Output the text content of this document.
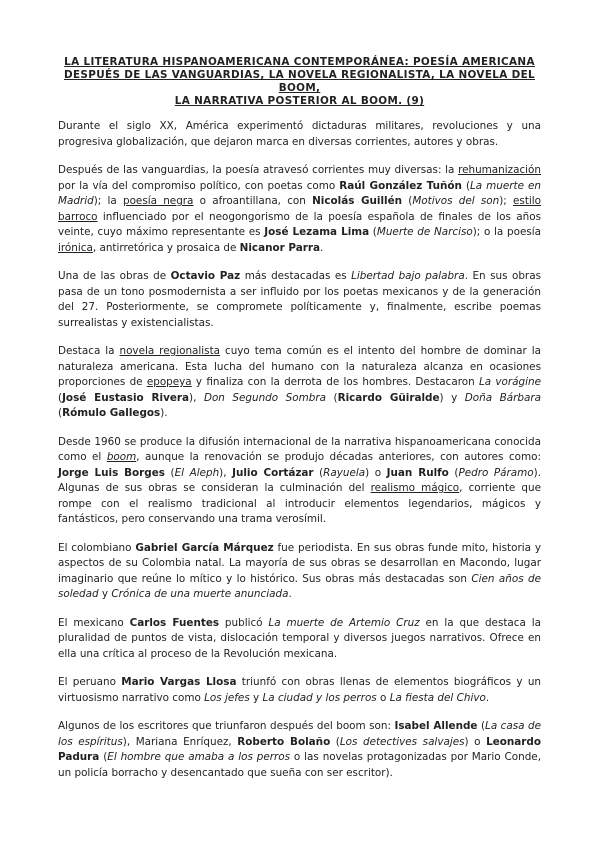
LA LITERATURA HISPANOAMERICANA CONTEMPORÁNEA: POESÍA AMERICANA
DESPUÉS DE LAS VANGUARDIAS, LA NOVELA REGIONALISTA, LA NOVELA DEL BOOM,
LA NARRATIVA POSTERIOR AL BOOM. (9)

Durante el siglo XX, América experimentó dictaduras militares, revoluciones y una progresiva globalización, que dejaron marca en diversas corrientes, autores y obras.

Después de las vanguardias, la poesía atravesó corrientes muy diversas: la rehumanización por la vía del compromiso político, con poetas como Raúl González Tuñón (La muerte en Madrid); la poesía negra o afroantillana, con Nicolás Guillén (Motivos del son); estilo barroco influenciado por el neogongorismo de la poesía española de finales de los años veinte, cuyo máximo representante es José Lezama Lima (Muerte de Narciso); o la poesía irónica, antirretórica y prosaica de Nicanor Parra.

Una de las obras de Octavio Paz más destacadas es Libertad bajo palabra. En sus obras pasa de un tono posmodernista a ser influido por los poetas mexicanos y de la generación del 27. Posteriormente, se compromete políticamente y, finalmente, escribe poemas surrealistas y existencialistas.

Destaca la novela regionalista cuyo tema común es el intento del hombre de dominar la naturaleza americana. Esta lucha del humano con la naturaleza alcanza en ocasiones proporciones de epopeya y finaliza con la derrota de los hombres. Destacaron La vorágine (José Eustasio Rivera), Don Segundo Sombra (Ricardo Güiralde) y Doña Bárbara (Rómulo Gallegos).

Desde 1960 se produce la difusión internacional de la narrativa hispanoamericana conocida como el boom, aunque la renovación se produjo décadas anteriores, con autores como: Jorge Luis Borges (El Aleph), Julio Cortázar (Rayuela) o Juan Rulfo (Pedro Páramo). Algunas de sus obras se consideran la culminación del realismo mágico, corriente que rompe con el realismo tradicional al introducir elementos legendarios, mágicos y fantásticos, pero conservando una trama verosímil.

El colombiano Gabriel García Márquez fue periodista. En sus obras funde mito, historia y aspectos de su Colombia natal. La mayoría de sus obras se desarrollan en Macondo, lugar imaginario que reúne lo mítico y lo histórico. Sus obras más destacadas son Cien años de soledad y Crónica de una muerte anunciada.

El mexicano Carlos Fuentes publicó La muerte de Artemio Cruz en la que destaca la pluralidad de puntos de vista, dislocación temporal y diversos juegos narrativos. Ofrece en ella una crítica al proceso de la Revolución mexicana.

El peruano Mario Vargas Llosa triunfó con obras llenas de elementos biográficos y un virtuosismo narrativo como Los jefes y La ciudad y los perros o La fiesta del Chivo.

Algunos de los escritores que triunfaron después del boom son: Isabel Allende (La casa de los espíritus), Mariana Enríquez, Roberto Bolaño (Los detectives salvajes) o Leonardo Padura (El hombre que amaba a los perros o las novelas protagonizadas por Mario Conde, un policía borracho y desencantado que sueña con ser escritor).
